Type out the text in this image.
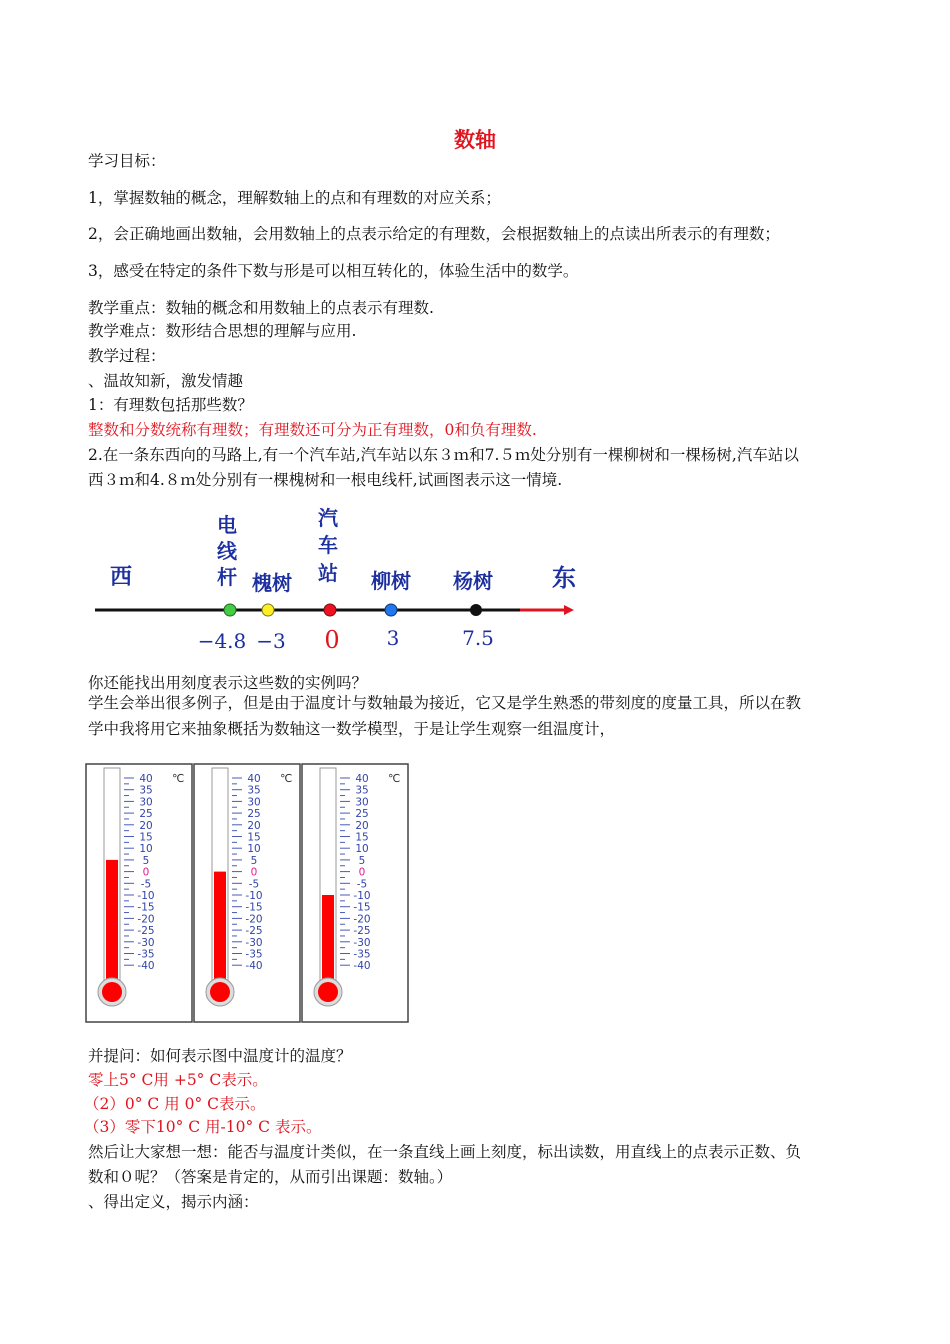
数轴
学习目标：
1，掌握数轴的概念，理解数轴上的点和有理数的对应关系；
2，会正确地画出数轴，会用数轴上的点表示给定的有理数，会根据数轴上的点读出所表示的有理数；
3，感受在特定的条件下数与形是可以相互转化的，体验生活中的数学。
教学重点：数轴的概念和用数轴上的点表示有理数.
教学难点：数形结合思想的理解与应用.
教学过程：
、温故知新，激发情趣
1：有理数包括那些数？
整数和分数统称有理数；有理数还可分为正有理数，0和负有理数.
2.在一条东西向的马路上,有一个汽车站,汽车站以东３ｍ和7.５ｍ处分别有一棵柳树和一棵杨树,汽车站以
西３ｍ和4.８ｍ处分别有一棵槐树和一根电线杆,试画图表示这一情境.
西	东
电
线
杆 槐树
汽
车
站 柳树 杨树
−4.8 −3 0 3	7.5
你还能找出用刻度表示这些数的实例吗？
学生会举出很多例子，但是由于温度计与数轴最为接近，它又是学生熟悉的带刻度的度量工具，所以在教
学中我将用它来抽象概括为数轴这一数学模型，于是让学生观察一组温度计，
℃
40
35
30
25
20
15
10
5
0
-5
-10
-15
-20
-25
-30
-35
-40
℃
40
35
30
25
20
15
10
5
0
-5
-10
-15
-20
-25
-30
-35
-40
℃
40
35
30
25
20
15
10
5
0
-5
-10
-15
-20
-25
-30
-35
-40
并提问：如何表示图中温度计的温度？
零上5° C用 +5° C表示。
（2）0° C 用 0° C表示。
（3）零下10° C 用-10° C 表示。
然后让大家想一想：能否与温度计类似，在一条直线上画上刻度，标出读数，用直线上的点表示正数、负
数和０呢？（答案是肯定的，从而引出课题：数轴。）
、得出定义，揭示内涵：
